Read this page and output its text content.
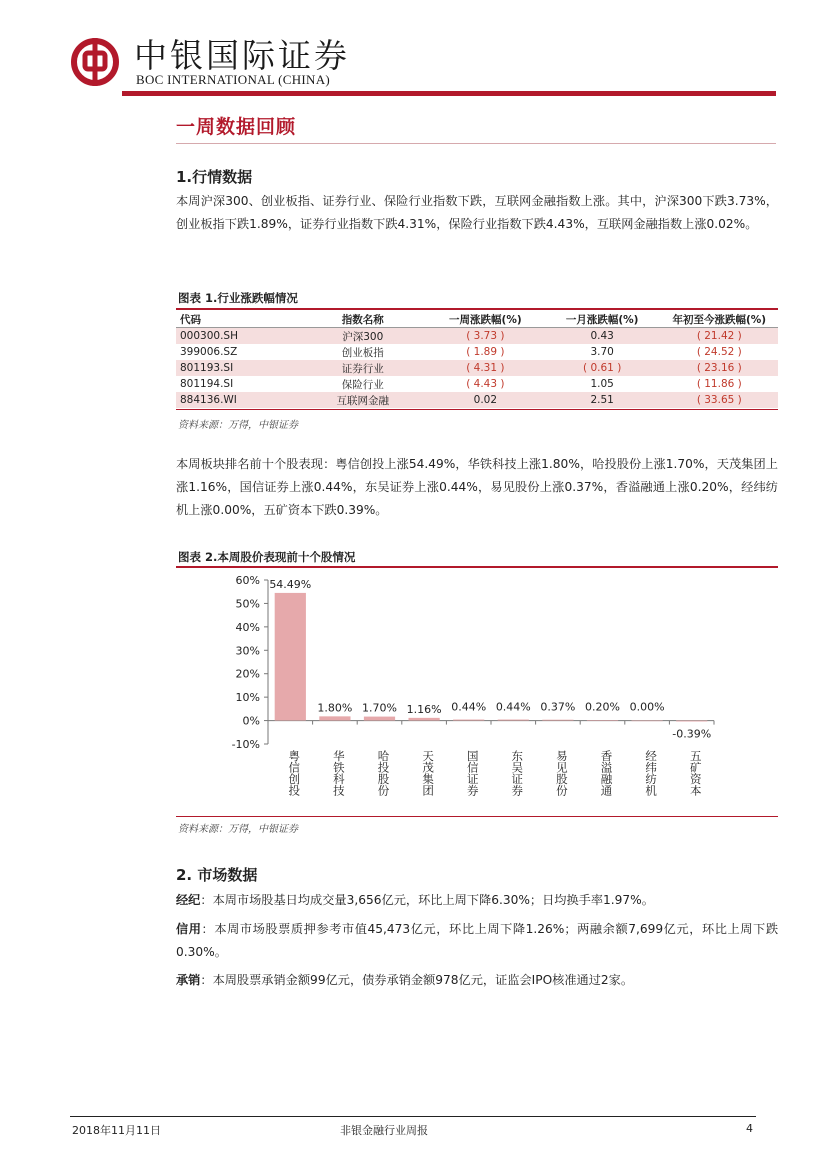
中银国际证券
BOC INTERNATIONAL (CHINA)
一周数据回顾
1.行情数据
本周沪深300、创业板指、证券行业、保险行业指数下跌，互联网金融指数上涨。其中，沪深300下跌3.73%，创业板指下跌1.89%，证券行业指数下跌4.31%，保险行业指数下跌4.43%，互联网金融指数上涨0.02%。
图表 1.行业涨跌幅情况
代码	指数名称	一周涨跌幅(%)	一月涨跌幅(%)	年初至今涨跌幅(%)
000300.SH	沪深300	( 3.73 )	0.43	( 21.42 )
399006.SZ	创业板指	( 1.89 )	3.70	( 24.52 )
801193.SI	证券行业	( 4.31 )	( 0.61 )	( 23.16 )
801194.SI	保险行业	( 4.43 )	1.05	( 11.86 )
884136.WI	互联网金融	0.02	2.51	( 33.65 )
资料来源：万得，中银证券
本周板块排名前十个股表现：粤信创投上涨54.49%，华铁科技上涨1.80%，哈投股份上涨1.70%，天茂集团上涨1.16%，国信证券上涨0.44%，东吴证券上涨0.44%，易见股份上涨0.37%，香溢融通上涨0.20%，经纬纺机上涨0.00%，五矿资本下跌0.39%。
图表 2.本周股价表现前十个股情况
-10%
0%
10%
20%
30%
40%
50%
60% 54.49%
粤信创投
1.80%
华铁科技
1.70%
哈投股份
1.16%
天茂集团
0.44%
国信证券
0.44%
东吴证券
0.37%
易见股份
0.20%
香溢融通
0.00%
经纬纺机
-0.39%
五矿资本
资料来源：万得，中银证券
2. 市场数据
经纪：本周市场股基日均成交量3,656亿元，环比上周下降6.30%；日均换手率1.97%。
信用：本周市场股票质押参考市值45,473亿元，环比上周下降1.26%；两融余额7,699亿元，环比上周下跌0.30%。
承销：本周股票承销金额99亿元，债券承销金额978亿元，证监会IPO核准通过2家。
2018年11月11日	非银金融行业周报	4
